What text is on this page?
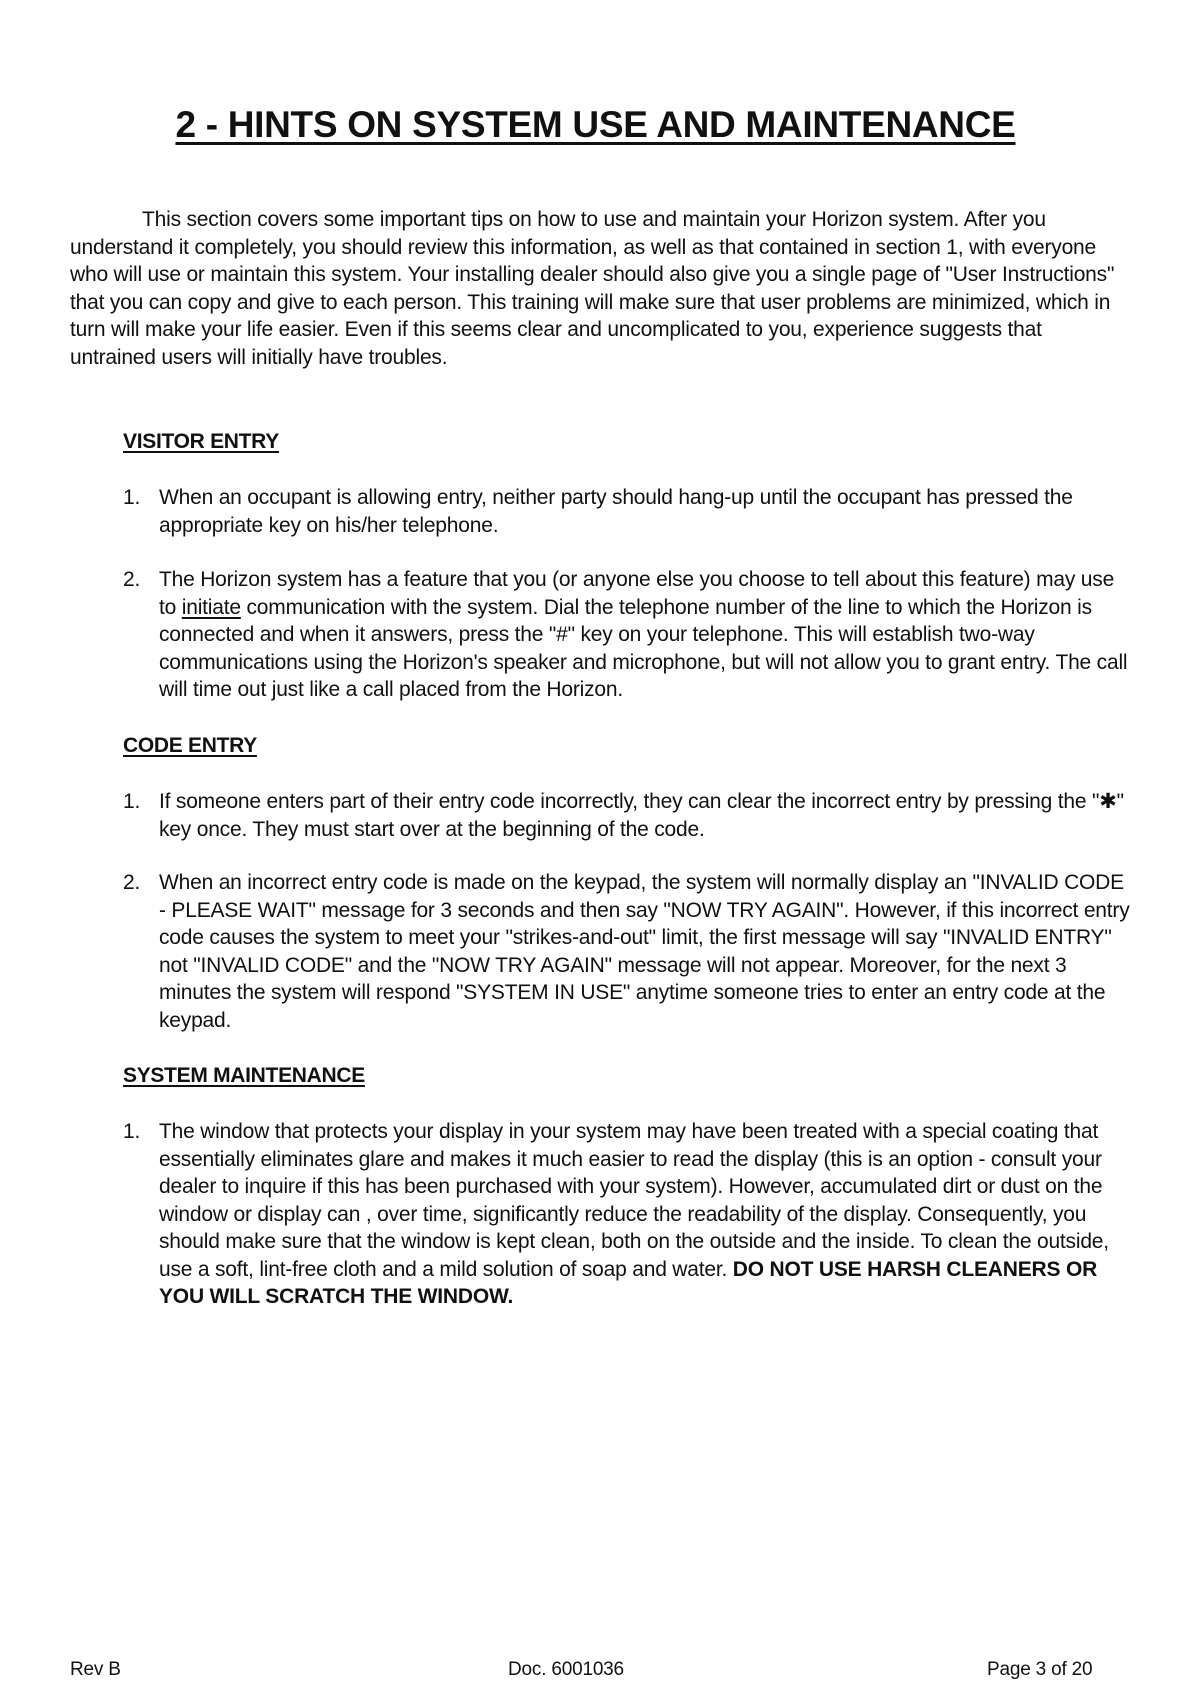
2 - HINTS ON SYSTEM USE AND MAINTENANCE

This section covers some important tips on how to use and maintain your Horizon system. After you understand it completely, you should review this information, as well as that contained in section 1, with everyone who will use or maintain this system. Your installing dealer should also give you a single page of "User Instructions" that you can copy and give to each person. This training will make sure that user problems are minimized, which in turn will make your life easier. Even if this seems clear and uncomplicated to you, experience suggests that untrained users will initially have troubles.

VISITOR ENTRY
1. When an occupant is allowing entry, neither party should hang-up until the occupant has pressed the appropriate key on his/her telephone.
2. The Horizon system has a feature that you (or anyone else you choose to tell about this feature) may use to initiate communication with the system. Dial the telephone number of the line to which the Horizon is connected and when it answers, press the "#" key on your telephone. This will establish two-way communications using the Horizon's speaker and microphone, but will not allow you to grant entry. The call will time out just like a call placed from the Horizon.
CODE ENTRY
1. If someone enters part of their entry code incorrectly, they can clear the incorrect entry by pressing the "✱" key once. They must start over at the beginning of the code.
2. When an incorrect entry code is made on the keypad, the system will normally display an "INVALID CODE - PLEASE WAIT" message for 3 seconds and then say "NOW TRY AGAIN". However, if this incorrect entry code causes the system to meet your "strikes-and-out" limit, the first message will say "INVALID ENTRY" not "INVALID CODE" and the "NOW TRY AGAIN" message will not appear. Moreover, for the next 3 minutes the system will respond "SYSTEM IN USE" anytime someone tries to enter an entry code at the keypad.
SYSTEM MAINTENANCE
1. The window that protects your display in your system may have been treated with a special coating that essentially eliminates glare and makes it much easier to read the display (this is an option - consult your dealer to inquire if this has been purchased with your system). However, accumulated dirt or dust on the window or display can , over time, significantly reduce the readability of the display. Consequently, you should make sure that the window is kept clean, both on the outside and the inside. To clean the outside, use a soft, lint-free cloth and a mild solution of soap and water. DO NOT USE HARSH CLEANERS OR YOU WILL SCRATCH THE WINDOW.
Rev B	Doc. 6001036	Page 3 of 20
